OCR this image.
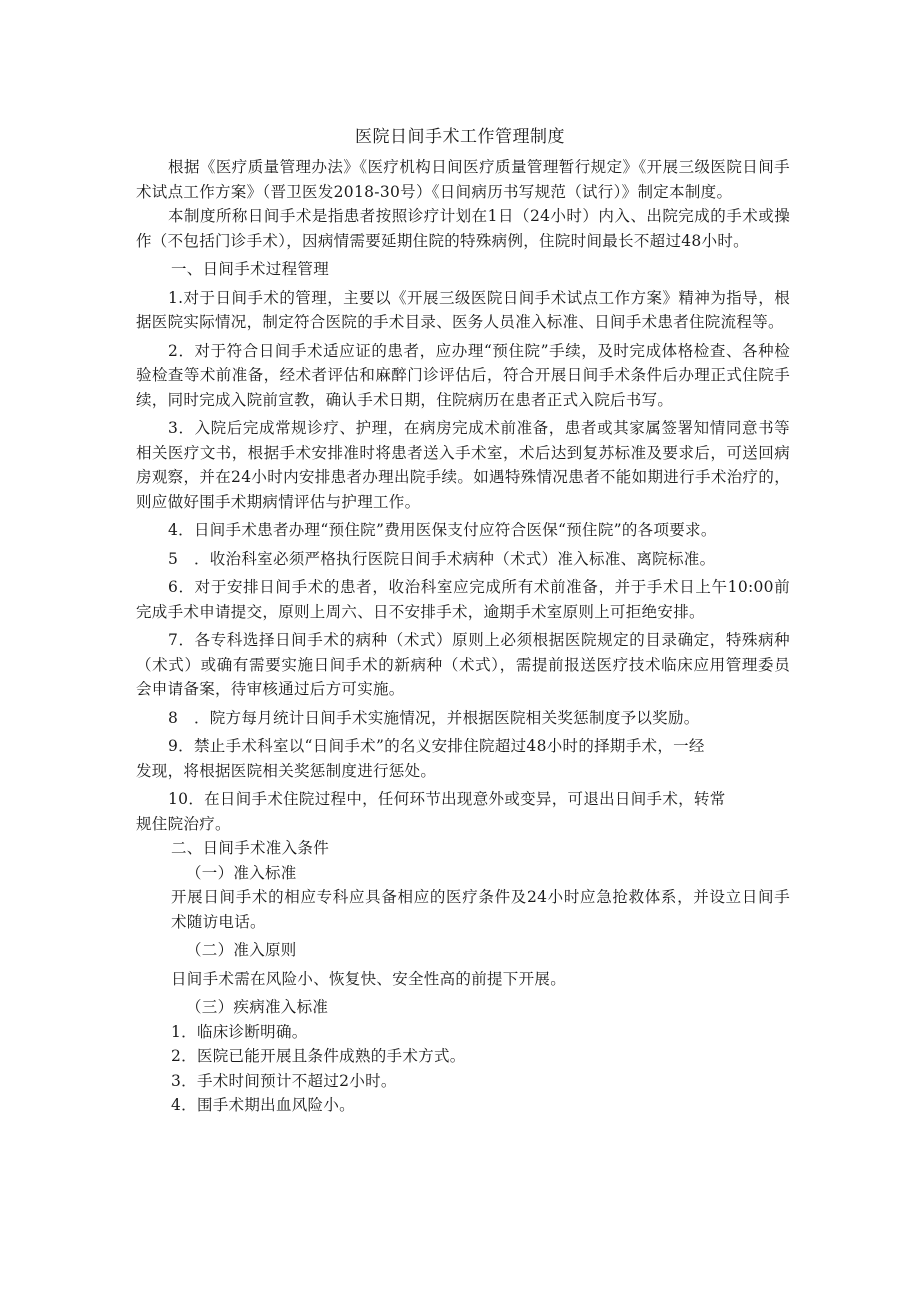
医院日间手术工作管理制度

根据《医疗质量管理办法》《医疗机构日间医疗质量管理暂行规定》《开展三级医院日间手术试点工作方案》（晋卫医发2018-30号）《日间病历书写规范（试行）》制定本制度。

本制度所称日间手术是指患者按照诊疗计划在1日（24小时）内入、出院完成的手术或操作（不包括门诊手术），因病情需要延期住院的特殊病例，住院时间最长不超过48小时。

一、日间手术过程管理

1.对于日间手术的管理，主要以《开展三级医院日间手术试点工作方案》精神为指导，根据医院实际情况，制定符合医院的手术目录、医务人员准入标准、日间手术患者住院流程等。

2．对于符合日间手术适应证的患者，应办理“预住院”手续，及时完成体格检查、各种检验检查等术前准备，经术者评估和麻醉门诊评估后，符合开展日间手术条件后办理正式住院手续，同时完成入院前宣教，确认手术日期，住院病历在患者正式入院后书写。

3．入院后完成常规诊疗、护理，在病房完成术前准备，患者或其家属签署知情同意书等相关医疗文书，根据手术安排准时将患者送入手术室，术后达到复苏标准及要求后，可送回病房观察，并在24小时内安排患者办理出院手续。如遇特殊情况患者不能如期进行手术治疗的，则应做好围手术期病情评估与护理工作。

4．日间手术患者办理“预住院”费用医保支付应符合医保“预住院”的各项要求。

5　．收治科室必须严格执行医院日间手术病种（术式）准入标准、离院标准。

6．对于安排日间手术的患者，收治科室应完成所有术前准备，并于手术日上午10:00前完成手术申请提交，原则上周六、日不安排手术，逾期手术室原则上可拒绝安排。

7．各专科选择日间手术的病种（术式）原则上必须根据医院规定的目录确定，特殊病种（术式）或确有需要实施日间手术的新病种（术式），需提前报送医疗技术临床应用管理委员会申请备案，待审核通过后方可实施。

8　．院方每月统计日间手术实施情况，并根据医院相关奖惩制度予以奖励。

9．禁止手术科室以“日间手术”的名义安排住院超过48小时的择期手术，一经

发现，将根据医院相关奖惩制度进行惩处。

10．在日间手术住院过程中，任何环节出现意外或变异，可退出日间手术，转常

规住院治疗。

二、日间手术准入条件

（一）准入标准

开展日间手术的相应专科应具备相应的医疗条件及24小时应急抢救体系，并设立日间手术随访电话。

（二）准入原则

日间手术需在风险小、恢复快、安全性高的前提下开展。

（三）疾病准入标准

1．临床诊断明确。

2．医院已能开展且条件成熟的手术方式。

3．手术时间预计不超过2小时。

4．围手术期出血风险小。
